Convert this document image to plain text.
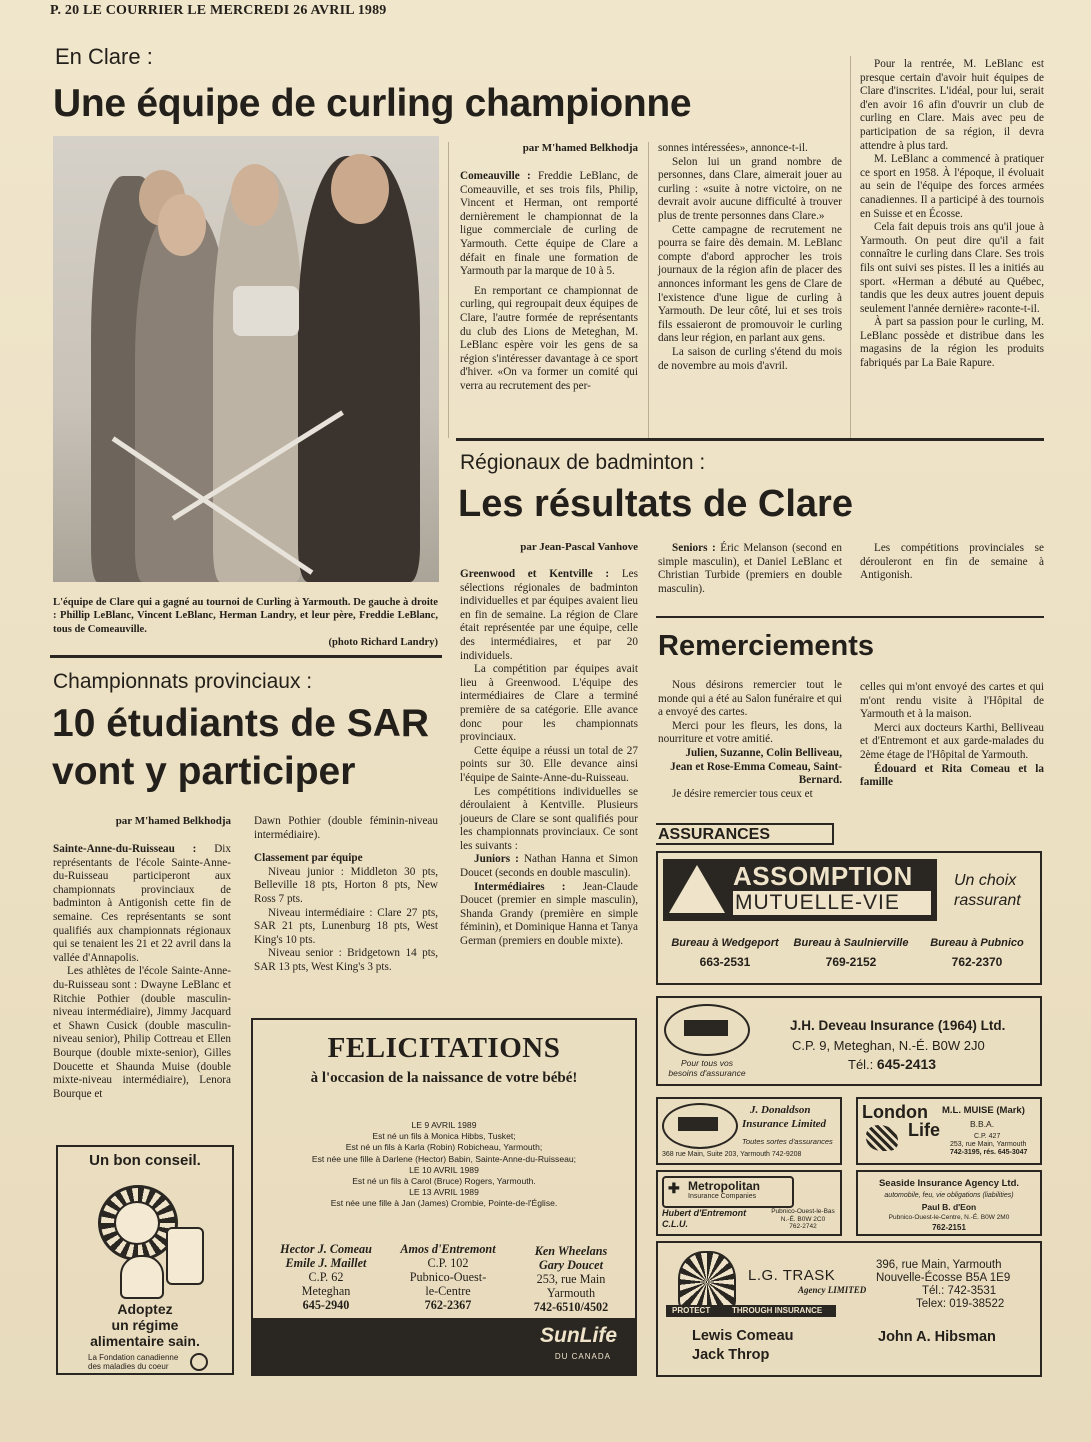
P. 20 LE COURRIER LE MERCREDI 26 AVRIL 1989
En Clare :
Une équipe de curling championne
L'équipe de Clare qui a gagné au tournoi de Curling à Yarmouth. De gauche à droite : Phillip LeBlanc, Vincent LeBlanc, Herman Landry, et leur père, Freddie LeBlanc, tous de Comeauville.
(photo Richard Landry)
par M'hamed Belkhodja

Comeauville : Freddie LeBlanc, de Comeauville, et ses trois fils, Philip, Vincent et Herman, ont remporté dernièrement le championnat de la ligue commerciale de curling de Yarmouth. Cette équipe de Clare a défait en finale une formation de Yarmouth par la marque de 10 à 5.

En remportant ce championnat de curling, qui regroupait deux équipes de Clare, l'autre formée de représentants du club des Lions de Meteghan, M. LeBlanc espère voir les gens de sa région s'intéresser davantage à ce sport d'hiver. «On va former un comité qui verra au recrutement des per-

sonnes intéressées», annonce-t-il.

Selon lui un grand nombre de personnes, dans Clare, aimerait jouer au curling : «suite à notre victoire, on ne devrait avoir aucune difficulté à trouver plus de trente personnes dans Clare.»

Cette campagne de recrutement ne pourra se faire dès demain. M. LeBlanc compte d'abord approcher les trois journaux de la région afin de placer des annonces informant les gens de Clare de l'existence d'une ligue de curling à Yarmouth. De leur côté, lui et ses trois fils essaieront de promouvoir le curling dans leur région, en parlant aux gens.

La saison de curling s'étend du mois de novembre au mois d'avril.

Pour la rentrée, M. LeBlanc est presque certain d'avoir huit équipes de Clare d'inscrites. L'idéal, pour lui, serait d'en avoir 16 afin d'ouvrir un club de curling en Clare. Mais avec peu de participation de sa région, il devra attendre à plus tard.

M. LeBlanc a commencé à pratiquer ce sport en 1958. À l'époque, il évoluait au sein de l'équipe des forces armées canadiennes. Il a participé à des tournois en Suisse et en Écosse.

Cela fait depuis trois ans qu'il joue à Yarmouth. On peut dire qu'il a fait connaître le curling dans Clare. Ses trois fils ont suivi ses pistes. Il les a initiés au sport. «Herman a débuté au Québec, tandis que les deux autres jouent depuis seulement l'année dernière» raconte-t-il.

À part sa passion pour le curling, M. LeBlanc possède et distribue dans les magasins de la région les produits fabriqués par La Baie Rapure.

Régionaux de badminton :
Les résultats de Clare
par Jean-Pascal Vanhove

Greenwood et Kentville : Les sélections régionales de badminton individuelles et par équipes avaient lieu en fin de semaine. La région de Clare était représentée par une équipe, celle des intermédiaires, et par 20 individuels.

La compétition par équipes avait lieu à Greenwood. L'équipe des intermédiaires de Clare a terminé première de sa catégorie. Elle avance donc pour les championnats provinciaux.

Cette équipe a réussi un total de 27 points sur 30. Elle devance ainsi l'équipe de Sainte-Anne-du-Ruisseau.

Les compétitions individuelles se déroulaient à Kentville. Plusieurs joueurs de Clare se sont qualifiés pour les championnats provinciaux. Ce sont les suivants :

Juniors : Nathan Hanna et Simon Doucet (seconds en double masculin).

Intermédiaires : Jean-Claude Doucet (premier en simple masculin), Shanda Grandy (première en simple féminin), et Dominique Hanna et Tanya German (premiers en double mixte).

Seniors : Éric Melanson (second en simple masculin), et Daniel LeBlanc et Christian Turbide (premiers en double masculin).

Les compétitions provinciales se dérouleront en fin de semaine à Antigonish.

Remerciements

Nous désirons remercier tout le monde qui a été au Salon funéraire et qui a envoyé des cartes.

Merci pour les fleurs, les dons, la nourriture et votre amitié.

Julien, Suzanne, Colin Belliveau, Jean et Rose-Emma Comeau, Saint-Bernard.

Je désire remercier tous ceux et

celles qui m'ont envoyé des cartes et qui m'ont rendu visite à l'Hôpital de Yarmouth et à la maison.

Merci aux docteurs Karthi, Belliveau et d'Entremont et aux garde-malades du 2ème étage de l'Hôpital de Yarmouth.

Édouard et Rita Comeau et la famille

Championnats provinciaux :
10 étudiants de SAR
vont y participer
par M'hamed Belkhodja

Sainte-Anne-du-Ruisseau : Dix représentants de l'école Sainte-Anne-du-Ruisseau participeront aux championnats provinciaux de badminton à Antigonish cette fin de semaine. Ces représentants se sont qualifiés aux championnats régionaux qui se tenaient les 21 et 22 avril dans la vallée d'Annapolis.

Les athlètes de l'école Sainte-Anne-du-Ruisseau sont : Dwayne LeBlanc et Ritchie Pothier (double masculin-niveau intermédiaire), Jimmy Jacquard et Shawn Cusick (double masculin-niveau senior), Philip Cottreau et Ellen Bourque (double mixte-senior), Gilles Doucette et Shaunda Muise (double mixte-niveau intermédiaire), Lenora Bourque et

Dawn Pothier (double féminin-niveau intermédiaire).

Classement par équipe

Niveau junior : Middleton 30 pts, Belleville 18 pts, Horton 8 pts, New Ross 7 pts.

Niveau intermédiaire : Clare 27 pts, SAR 21 pts, Lunenburg 18 pts, West King's 10 pts.

Niveau senior : Bridgetown 14 pts, SAR 13 pts, West King's 3 pts.

Un bon conseil.
Adoptez
un régime
alimentaire sain.
La Fondation canadienne
des maladies du coeur
FELICITATIONS
à l'occasion de la naissance de votre bébé!
LE 9 AVRIL 1989
Est né un fils à Monica Hibbs, Tusket;
Est né un fils à Karla (Robin) Robicheau, Yarmouth;
Est née une fille à Darlene (Hector) Babin, Sainte-Anne-du-Ruisseau;
LE 10 AVRIL 1989
Est né un fils à Carol (Bruce) Rogers, Yarmouth.
LE 13 AVRIL 1989
Est née une fille à Jan (James) Crombie, Pointe-de-l'Église.
Hector J. Comeau
Emile J. Maillet
C.P. 62
Meteghan
645-2940
Amos d'Entremont
C.P. 102
Pubnico-Ouest-
le-Centre
762-2367
Ken Wheelans
Gary Doucet
253, rue Main
Yarmouth
742-6510/4502
SunLife
DU CANADA
ASSURANCES
ASSOMPTION
MUTUELLE-VIE
Un choix
rassurant
Bureau à Wedgeport
663-2531
Bureau à Saulnierville
769-2152
Bureau à Pubnico
762-2370
Pour tous vos
besoins d'assurance
J.H. Deveau Insurance (1964) Ltd.
C.P. 9, Meteghan, N.-É. B0W 2J0
Tél.: 645-2413
J. Donaldson
Insurance Limited
Toutes sortes d'assurances
368 rue Main, Suite 203, Yarmouth 742-9208
London
Life
M.L. MUISE (Mark)
B.B.A.
C.P. 427
253, rue Main, Yarmouth
742-3195, rés. 645-3047
✚ Metropolitan
Insurance Companies
Hubert d'Entremont
C.L.U.
Pubnico-Ouest-le-Bas
N.-É. B0W 2C0
762-2742
Seaside Insurance Agency Ltd.
automobile, feu, vie obligations (liabilities)
Paul B. d'Eon
Pubnico-Ouest-le-Centre, N.-É. B0W 2M0
762-2151
L.G. TRASK
Agency LIMITED
PROTECT	THROUGH INSURANCE
396, rue Main, Yarmouth
Nouvelle-Écosse B5A 1E9
Tél.: 742-3531
Telex: 019-38522
Lewis Comeau
Jack Throp
John A. Hibsman
